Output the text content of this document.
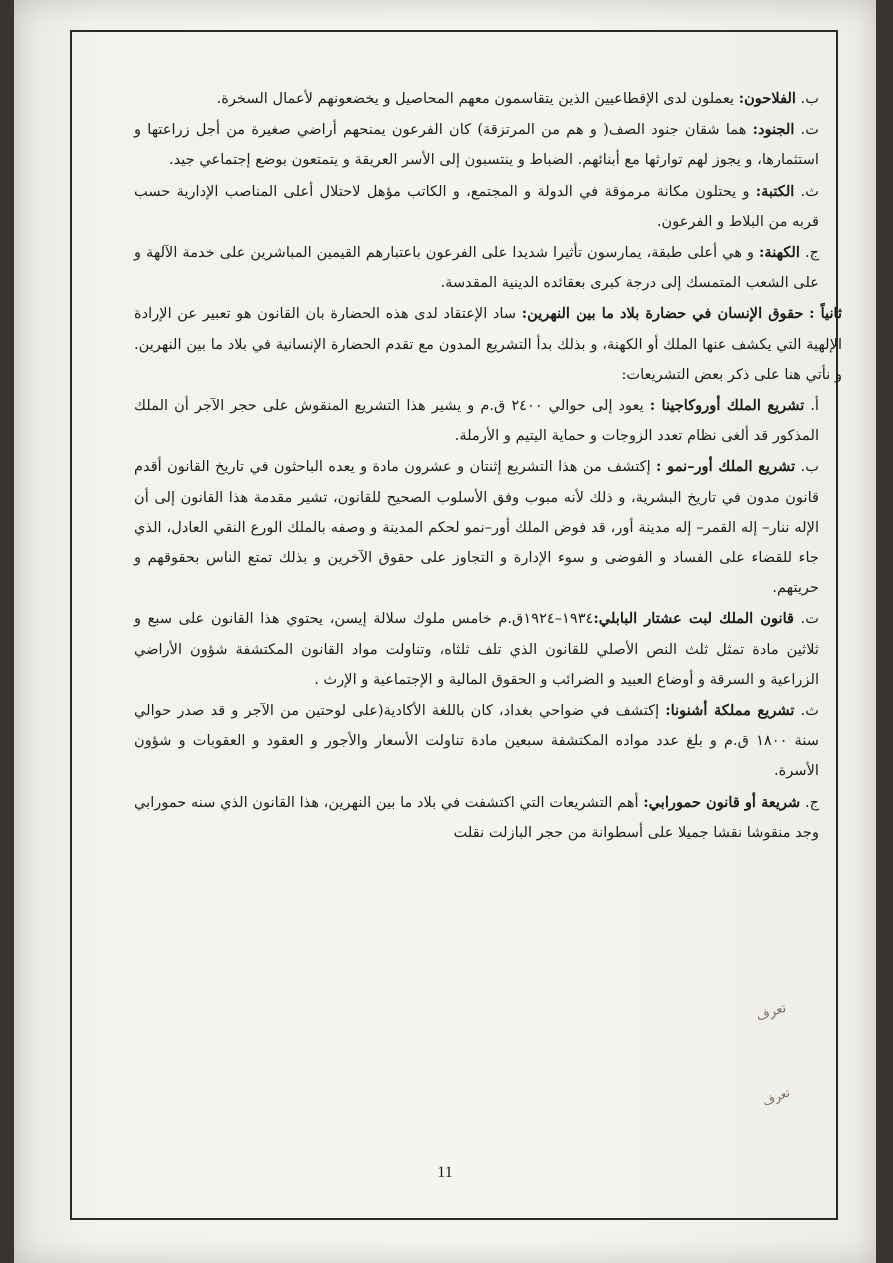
ب. الفلاحون: يعملون لدى الإقطاعيين الذين يتقاسمون معهم المحاصيل و يخضعونهم لأعمال السخرة.

ت. الجنود: هما شقان جنود الصف( و هم من المرتزقة) كان الفرعون يمنحهم أراضي صغيرة من أجل زراعتها و استثمارها، و يجوز لهم توارثها مع أبنائهم. الضباط و ينتسبون إلى الأسر العريقة و يتمتعون بوضع إجتماعي جيد.

ث. الكتبة: و يحتلون مكانة مرموقة في الدولة و المجتمع، و الكاتب مؤهل لاحتلال أعلى المناصب الإدارية حسب قربه من البلاط و الفرعون.

ج. الكهنة: و هي أعلى طبقة، يمارسون تأثيرا شديدا على الفرعون باعتبارهم القيمين المباشرين على خدمة الآلهة و على الشعب المتمسك إلى درجة كبرى بعقائده الدينية المقدسة.

ثانياً : حقوق الإنسان في حضارة بلاد ما بين النهرين: ساد الإعتقاد لدى هذه الحضارة بان القانون هو تعبير عن الإرادة الإلهية التي يكشف عنها الملك أو الكهنة، و بذلك بدأ التشريع المدون مع تقدم الحضارة الإنسانية في بلاد ما بين النهرين. و نأتي هنا على ذكر بعض التشريعات:

أ. تشريع الملك أوروكاجينا : يعود إلى حوالي ٢٤٠٠ ق.م و يشير هذا التشريع المنقوش على حجر الآجر أن الملك المذكور قد ألغى نظام تعدد الزوجات و حماية اليتيم و الأرملة.

ب. تشريع الملك أور–نمو : إكتشف من هذا التشريع إثنتان و عشرون مادة و يعده الباحثون في تاريخ القانون أقدم قانون مدون في تاريخ البشرية، و ذلك لأنه مبوب وفق الأسلوب الصحيح للقانون، تشير مقدمة هذا القانون إلى أن الإله ننار– إله القمر– إله مدينة أور، قد فوض الملك أور–نمو لحكم المدينة و وصفه بالملك الورع النقي العادل، الذي جاء للقضاء على الفساد و الفوضى و سوء الإدارة و التجاوز على حقوق الآخرين و بذلك تمتع الناس بحقوقهم و حريتهم.

ت. قانون الملك لبت عشتار البابلي:١٩٣٤–١٩٢٤ق.م خامس ملوك سلالة إيسن، يحتوي هذا القانون على سبع و ثلاثين مادة تمثل ثلث النص الأصلي للقانون الذي تلف ثلثاه، وتناولت مواد القانون المكتشفة شؤون الأراضي الزراعية و السرقة و أوضاع العبيد و الضرائب و الحقوق المالية و الإجتماعية و الإرث .

ث. تشريع مملكة أشنونا: إكتشف في ضواحي بغداد، كان باللغة الأكادية(على لوحتين من الآجر و قد صدر حوالي سنة ١٨٠٠ ق.م و بلغ عدد مواده المكتشفة سبعين مادة تناولت الأسعار والأجور و العقود و العقوبات و شؤون الأسرة.

ج. شريعة أو قانون حمورابي: أهم التشريعات التي اكتشفت في بلاد ما بين النهرين، هذا القانون الذي سنه حمورابي وجد منقوشا نقشا جميلا على أسطوانة من حجر البازلت نقلت

تعرف
تعرف
11
